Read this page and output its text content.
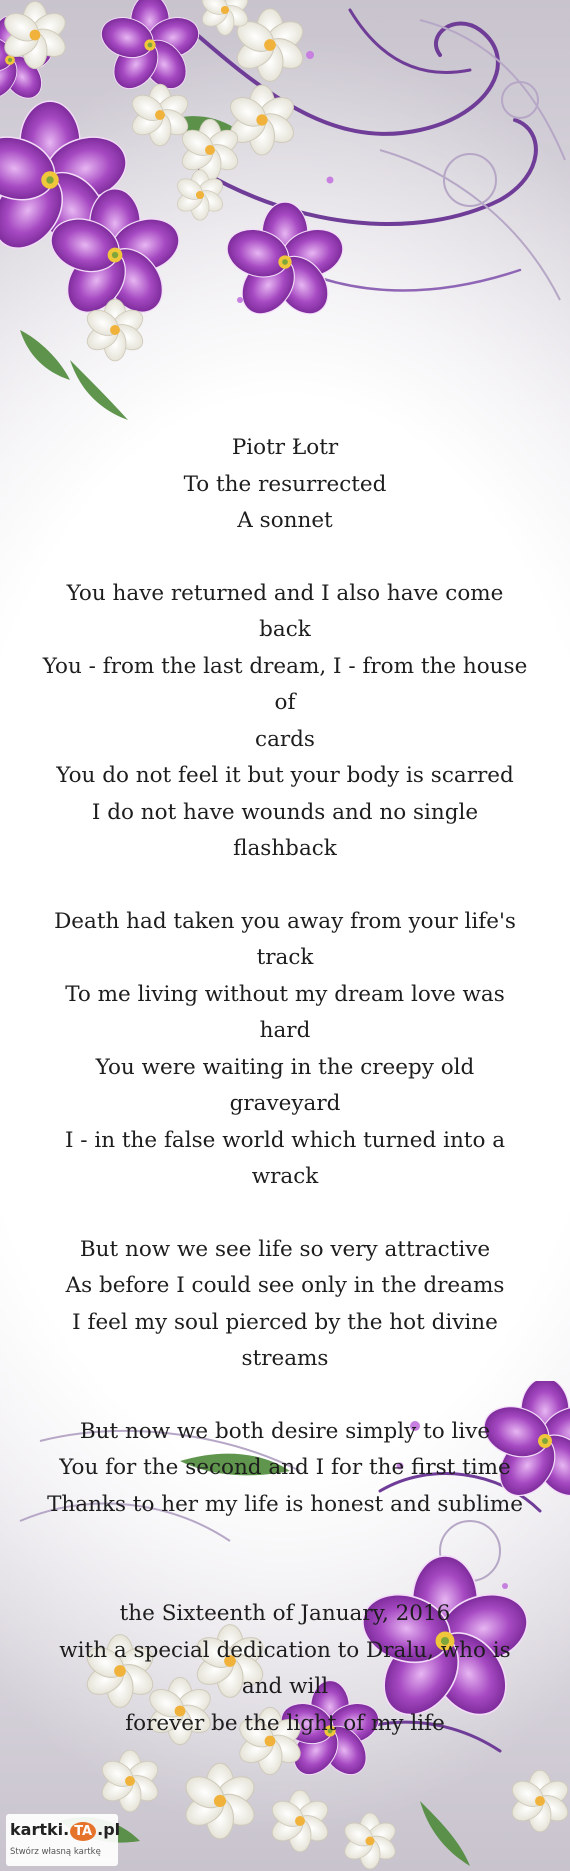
Piotr Łotr

To the resurrected

A sonnet

You have returned and I also have come back

You - from the last dream, I - from the house of

cards

You do not feel it but your body is scarred

I do not have wounds and no single flashback

Death had taken you away from your life's track

To me living without my dream love was hard

You were waiting in the creepy old graveyard

I - in the false world which turned into a wrack

But now we see life so very attractive

As before I could see only in the dreams

I feel my soul pierced by the hot divine streams

But now we both desire simply to live

You for the second and I for the first time

Thanks to her my life is honest and sublime

the Sixteenth of January, 2016

with a special dedication to Dralu, who is and will

forever be the light of my life

kartki. TA .pl
Stwórz własną kartkę
